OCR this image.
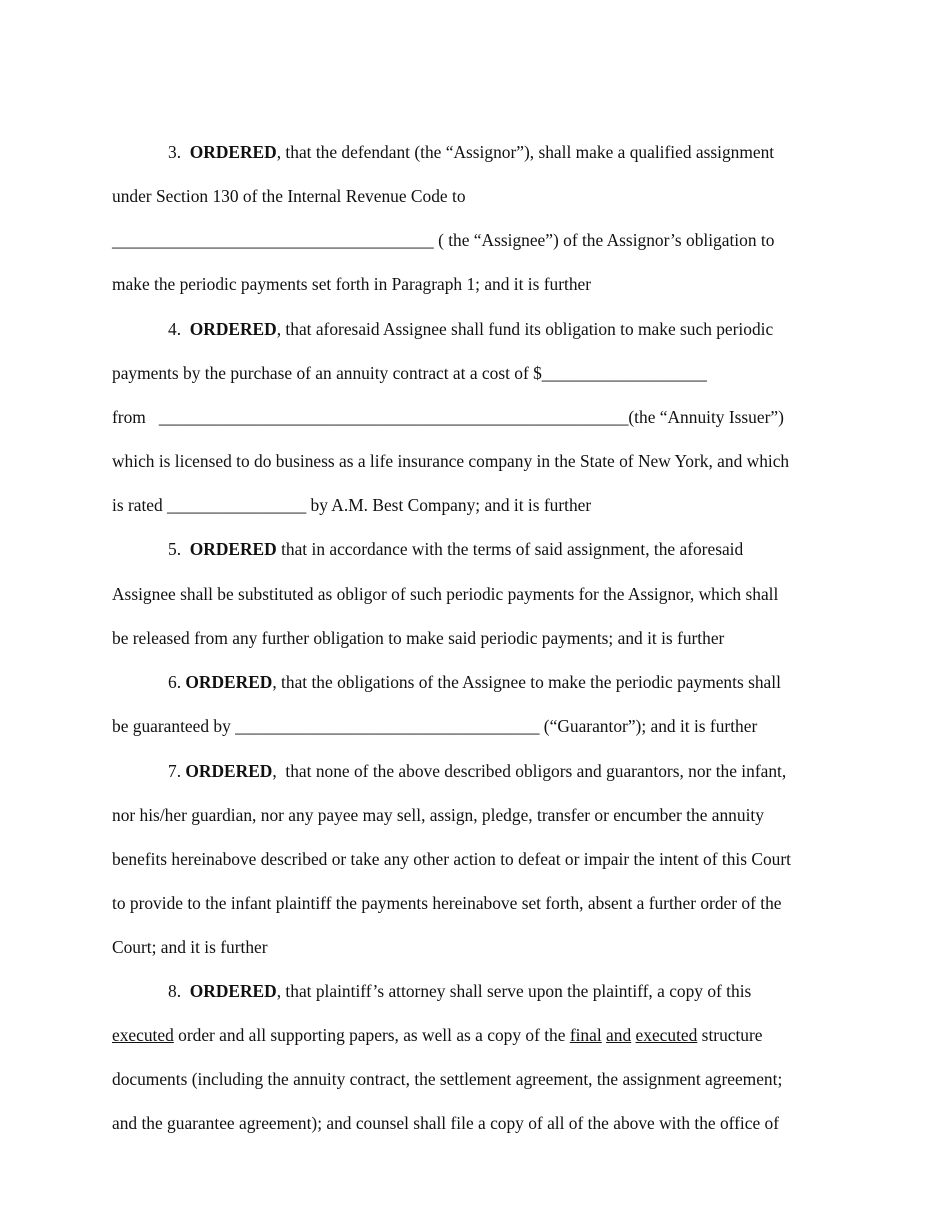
3.  ORDERED, that the defendant (the “Assignor”), shall make a qualified assignment
under Section 130 of the Internal Revenue Code to
_____________________________________ ( the “Assignee”) of the Assignor’s obligation to
make the periodic payments set forth in Paragraph 1; and it is further
4.  ORDERED, that aforesaid Assignee shall fund its obligation to make such periodic
payments by the purchase of an annuity contract at a cost of $___________________
from   ______________________________________________________(the “Annuity Issuer”)
which is licensed to do business as a life insurance company in the State of New York, and which
is rated ________________ by A.M. Best Company; and it is further
5.  ORDERED that in accordance with the terms of said assignment, the aforesaid
Assignee shall be substituted as obligor of such periodic payments for the Assignor, which shall
be released from any further obligation to make said periodic payments; and it is further
6. ORDERED, that the obligations of the Assignee to make the periodic payments shall
be guaranteed by ___________________________________ (“Guarantor”); and it is further
7. ORDERED,  that none of the above described obligors and guarantors, nor the infant,
nor his/her guardian, nor any payee may sell, assign, pledge, transfer or encumber the annuity
benefits hereinabove described or take any other action to defeat or impair the intent of this Court
to provide to the infant plaintiff the payments hereinabove set forth, absent a further order of the
Court; and it is further
8.  ORDERED, that plaintiff’s attorney shall serve upon the plaintiff, a copy of this
executed order and all supporting papers, as well as a copy of the final and executed structure
documents (including the annuity contract, the settlement agreement, the assignment agreement;
and the guarantee agreement); and counsel shall file a copy of all of the above with the office of
